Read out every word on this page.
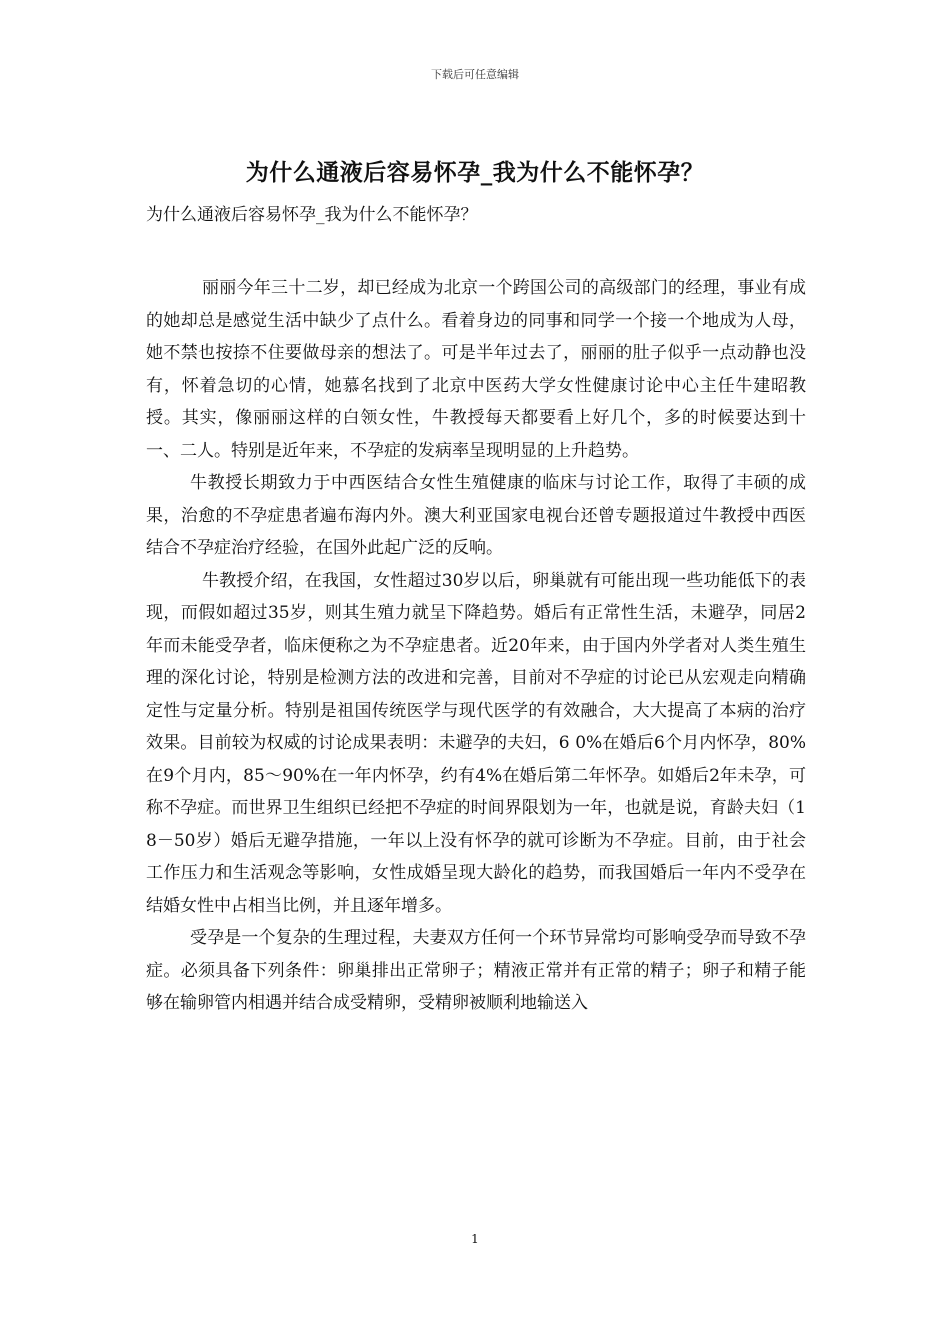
下载后可任意编辑
为什么通液后容易怀孕_我为什么不能怀孕？
为什么通液后容易怀孕_我为什么不能怀孕？

丽丽今年三十二岁，却已经成为北京一个跨国公司的高级部门的经理，事业有成的她却总是感觉生活中缺少了点什么。看着身边的同事和同学一个接一个地成为人母，她不禁也按捺不住要做母亲的想法了。可是半年过去了，丽丽的肚子似乎一点动静也没有，怀着急切的心情，她慕名找到了北京中医药大学女性健康讨论中心主任牛建昭教授。其实，像丽丽这样的白领女性，牛教授每天都要看上好几个，多的时候要达到十一、二人。特别是近年来，不孕症的发病率呈现明显的上升趋势。

牛教授长期致力于中西医结合女性生殖健康的临床与讨论工作，取得了丰硕的成果，治愈的不孕症患者遍布海内外。澳大利亚国家电视台还曾专题报道过牛教授中西医结合不孕症治疗经验，在国外此起广泛的反响。

牛教授介绍，在我国，女性超过30岁以后，卵巢就有可能出现一些功能低下的表现，而假如超过35岁，则其生殖力就呈下降趋势。婚后有正常性生活，未避孕，同居2年而未能受孕者，临床便称之为不孕症患者。近20年来，由于国内外学者对人类生殖生理的深化讨论，特别是检测方法的改进和完善，目前对不孕症的讨论已从宏观走向精确定性与定量分析。特别是祖国传统医学与现代医学的有效融合，大大提高了本病的治疗效果。目前较为权威的讨论成果表明：未避孕的夫妇，6 0%在婚后6个月内怀孕，80%在9个月内，85～90%在一年内怀孕，约有4%在婚后第二年怀孕。如婚后2年未孕，可称不孕症。而世界卫生组织已经把不孕症的时间界限划为一年，也就是说，育龄夫妇（18－50岁）婚后无避孕措施，一年以上没有怀孕的就可诊断为不孕症。目前，由于社会工作压力和生活观念等影响，女性成婚呈现大龄化的趋势，而我国婚后一年内不受孕在结婚女性中占相当比例，并且逐年增多。

受孕是一个复杂的生理过程，夫妻双方任何一个环节异常均可影响受孕而导致不孕症。必须具备下列条件：卵巢排出正常卵子；精液正常并有正常的精子；卵子和精子能够在输卵管内相遇并结合成受精卵，受精卵被顺利地输送入

1
